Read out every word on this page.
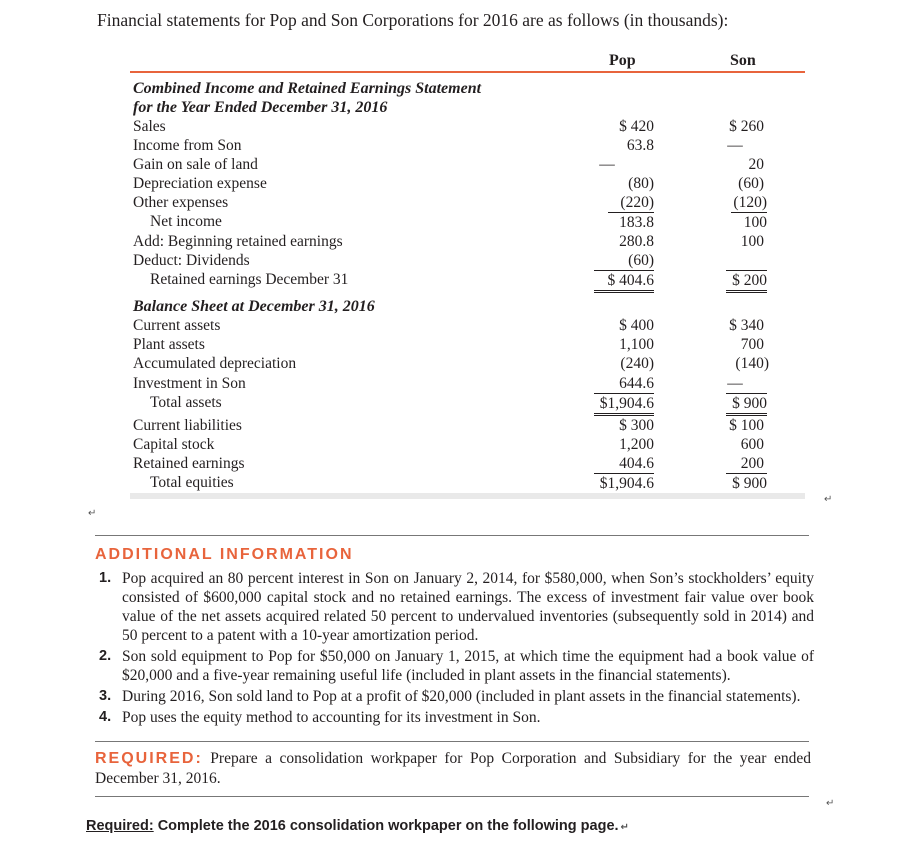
Financial statements for Pop and Son Corporations for 2016 are as follows (in thousands):
Pop	Son
Combined Income and Retained Earnings Statement
for the Year Ended December 31, 2016
Sales	$ 420	$ 260
Income from Son	63.8	—
Gain on sale of land	—	20
Depreciation expense	(80)	(60)
Other expenses	(220)	(120)
Net income	183.8	100
Add: Beginning retained earnings	280.8	100
Deduct: Dividends	(60)
Retained earnings December 31	$ 404.6	$ 200
Balance Sheet at December 31, 2016
Current assets	$ 400	$ 340
Plant assets	1,100	700
Accumulated depreciation	(240)	(140)
Investment in Son	644.6	—
Total assets	$1,904.6	$ 900
Current liabilities	$ 300	$ 100
Capital stock	1,200	600
Retained earnings	404.6	200
Total equities	$1,904.6	$ 900
↵
↵
ADDITIONAL INFORMATION
1. Pop acquired an 80 percent interest in Son on January 2, 2014, for $580,000, when Son’s stockholders’ equity consisted of $600,000 capital stock and no retained earnings. The excess of investment fair value over book value of the net assets acquired related 50 percent to undervalued inventories (subsequently sold in 2014) and 50 percent to a patent with a 10-year amortization period.
2. Son sold equipment to Pop for $50,000 on January 1, 2015, at which time the equipment had a book value of $20,000 and a five-year remaining useful life (included in plant assets in the financial statements).
3. During 2016, Son sold land to Pop at a profit of $20,000 (included in plant assets in the financial statements).
4. Pop uses the equity method to accounting for its investment in Son.
REQUIRED: Prepare a consolidation workpaper for Pop Corporation and Subsidiary for the year ended December 31, 2016.
↵
Required: Complete the 2016 consolidation workpaper on the following page. ↵
